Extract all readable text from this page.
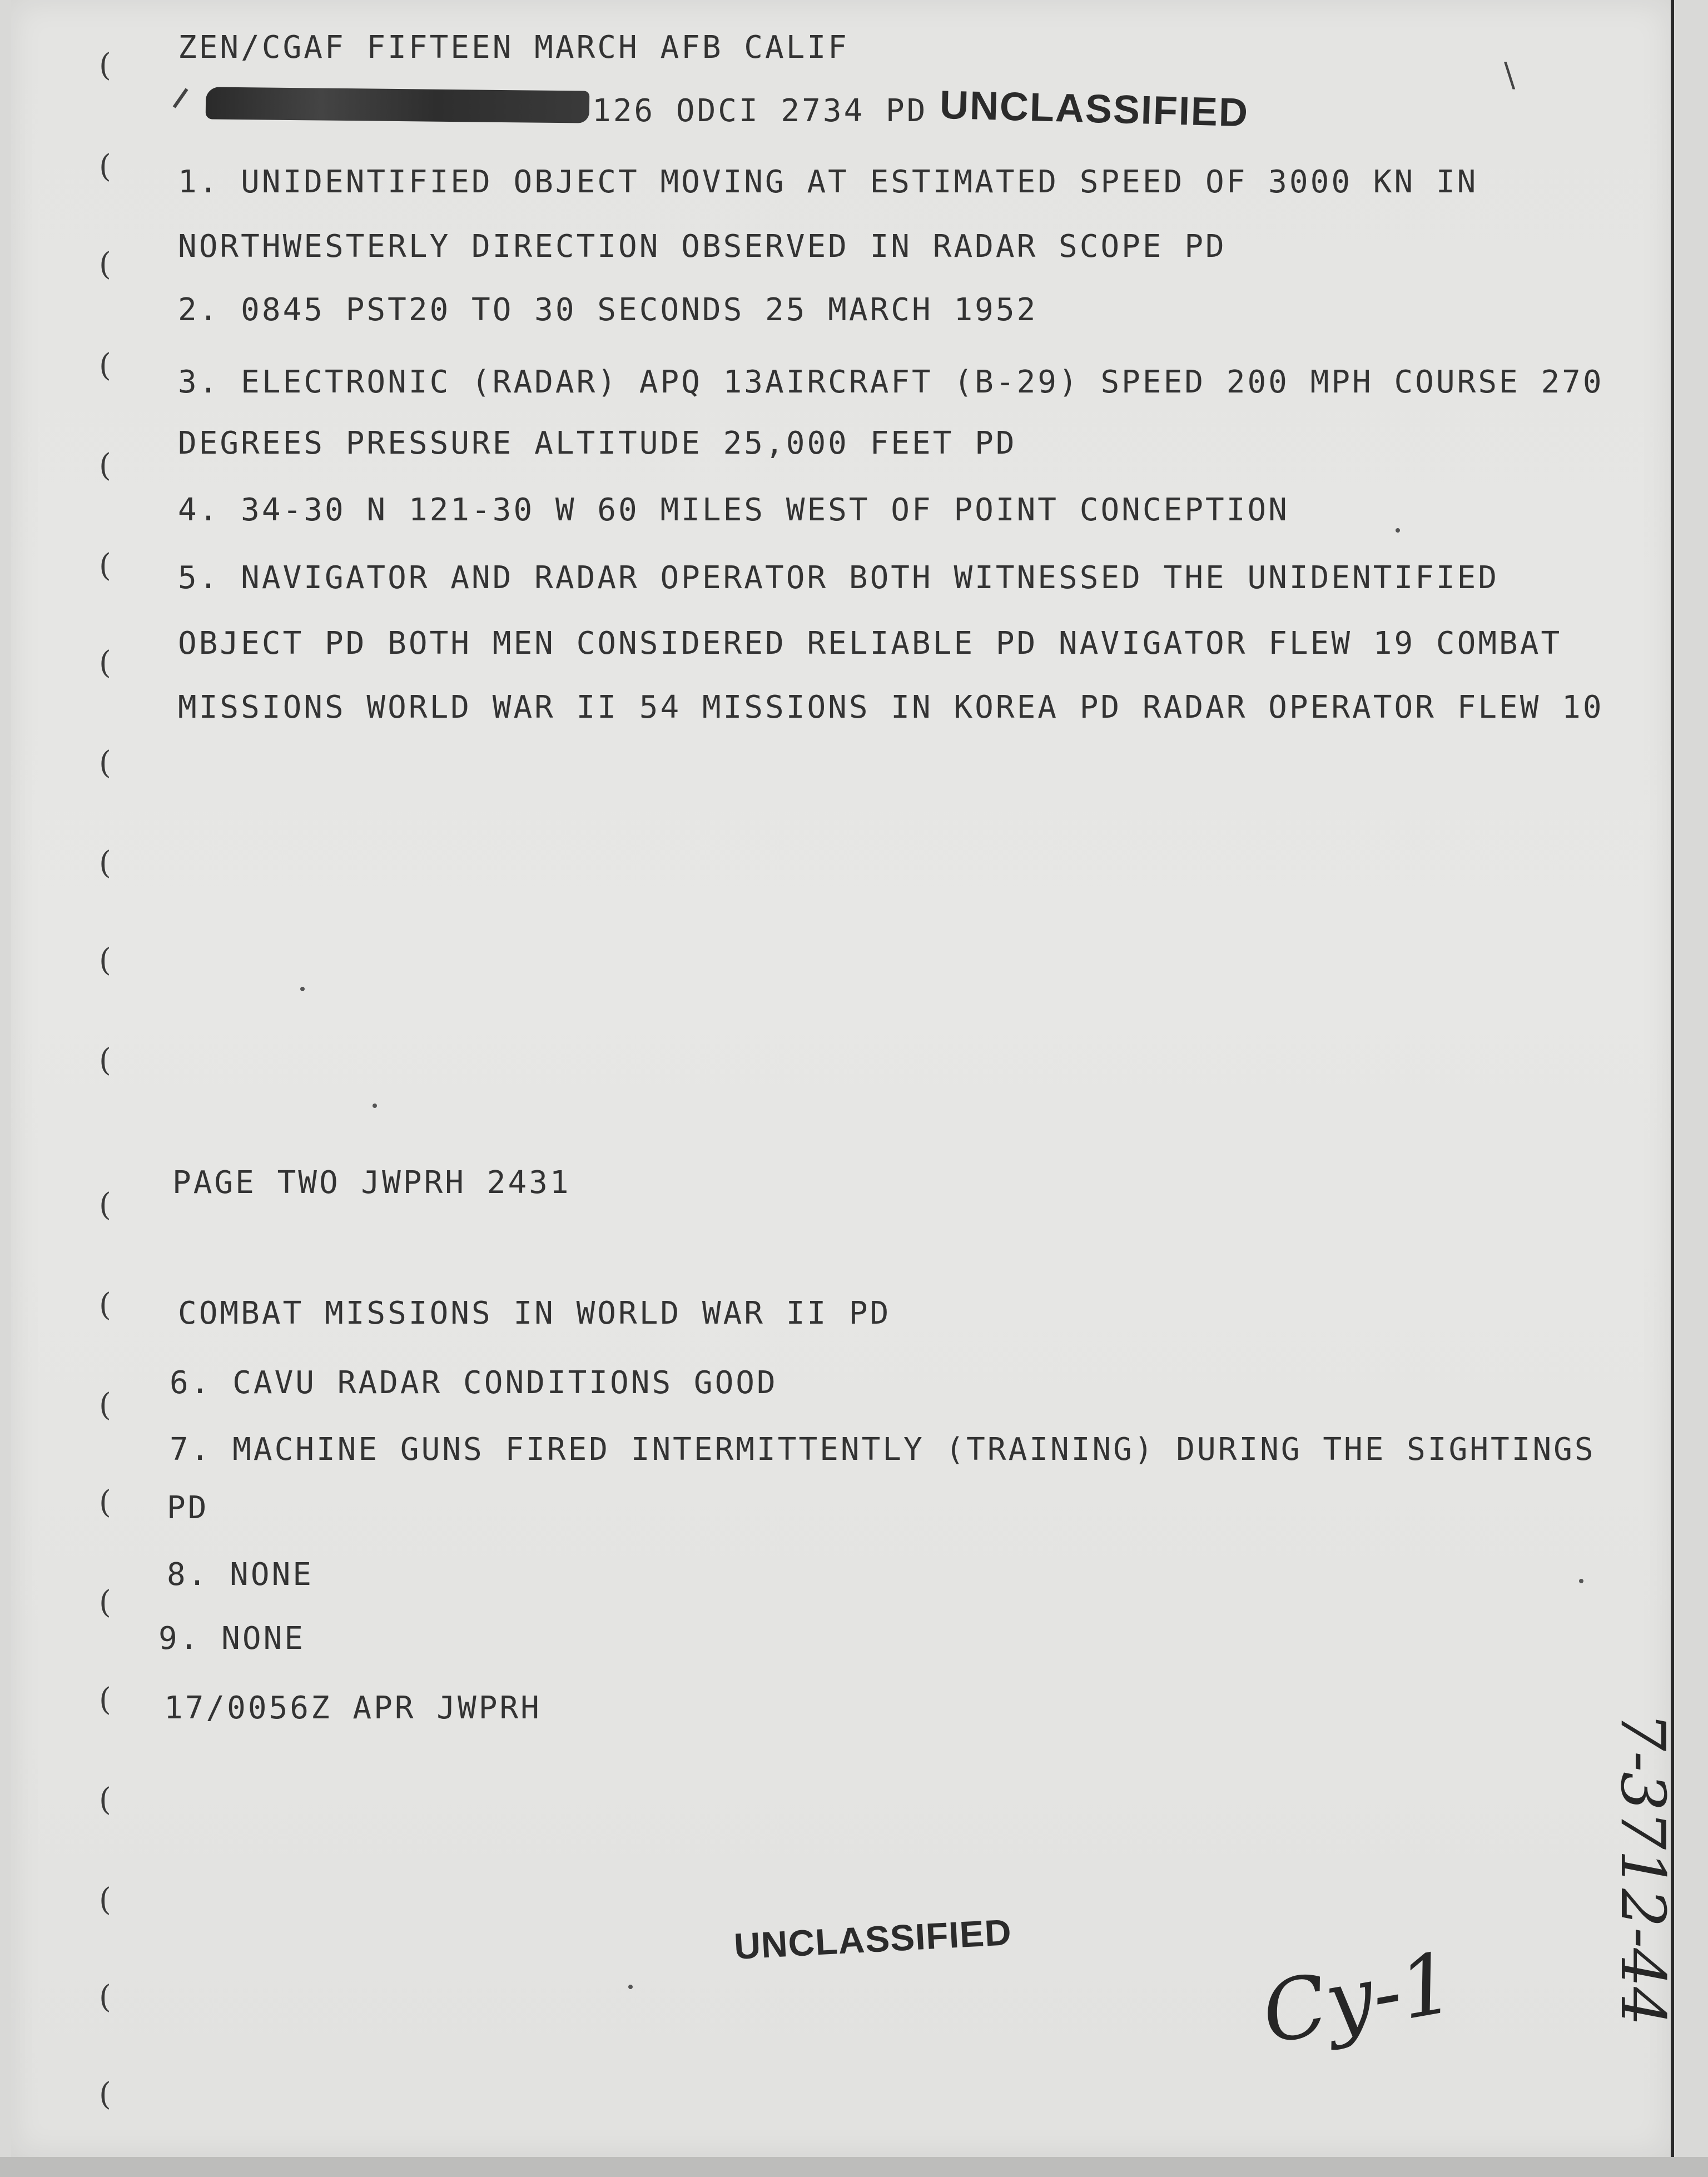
(
(
(
(
(
(
(
(
(
(
(
(
(
(
(
(
(
(
(
(
(
\
ZEN/CGAF FIFTEEN MARCH AFB CALIF
126 ODCI 2734 PD UNCLASSIFIED
1. UNIDENTIFIED OBJECT MOVING AT ESTIMATED SPEED OF 3000 KN IN
NORTHWESTERLY DIRECTION OBSERVED IN RADAR SCOPE PD
2. 0845 PST20 TO 30 SECONDS 25 MARCH 1952
3. ELECTRONIC (RADAR) APQ 13AIRCRAFT (B-29) SPEED 200 MPH COURSE 270
DEGREES PRESSURE ALTITUDE 25,000 FEET PD
4. 34-30 N 121-30 W 60 MILES WEST OF POINT CONCEPTION
5. NAVIGATOR AND RADAR OPERATOR BOTH WITNESSED THE UNIDENTIFIED
OBJECT PD BOTH MEN CONSIDERED RELIABLE PD NAVIGATOR FLEW 19 COMBAT
MISSIONS WORLD WAR II 54 MISSIONS IN KOREA PD RADAR OPERATOR FLEW 10
PAGE TWO JWPRH 2431
COMBAT MISSIONS IN WORLD WAR II PD
6. CAVU RADAR CONDITIONS GOOD
7. MACHINE GUNS FIRED INTERMITTENTLY (TRAINING) DURING THE SIGHTINGS
PD
8. NONE
9. NONE
17/0056Z APR JWPRH
UNCLASSIFIED	7-3712-44
Cy-1
